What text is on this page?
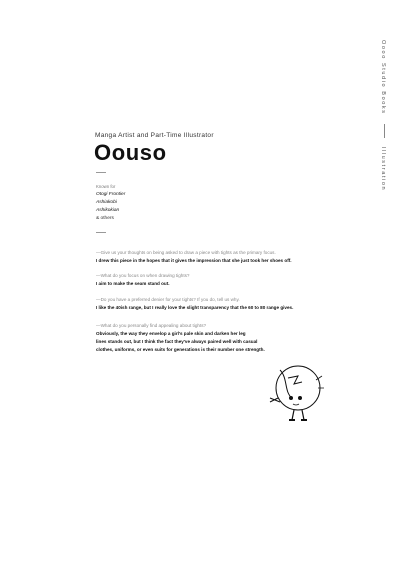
Oooo Studio Books  Illustration
Manga Artist and Part-Time Illustrator
Oouso
Known for
Otogi Frontier
Ashiakobi
Ashikokian
& others
—Give us your thoughts on being asked to draw a piece with tights as the primary focus.
I drew this piece in the hopes that it gives the impression that she just took her shoes off.
—What do you focus on when drawing tights?
I aim to make the seam stand out.
—Do you have a preferred denier for your tights? If you do, tell us why.
I like the 40ish range, but I really love the slight transparency that the 60 to 80 range gives.
—What do you personally find appealing about tights?
Obviously, the way they envelop a girl's pale skin and darken her leg
lines stands out, but I think the fact they've always paired well with casual
clothes, uniforms, or even suits for generations is their number one strength.
